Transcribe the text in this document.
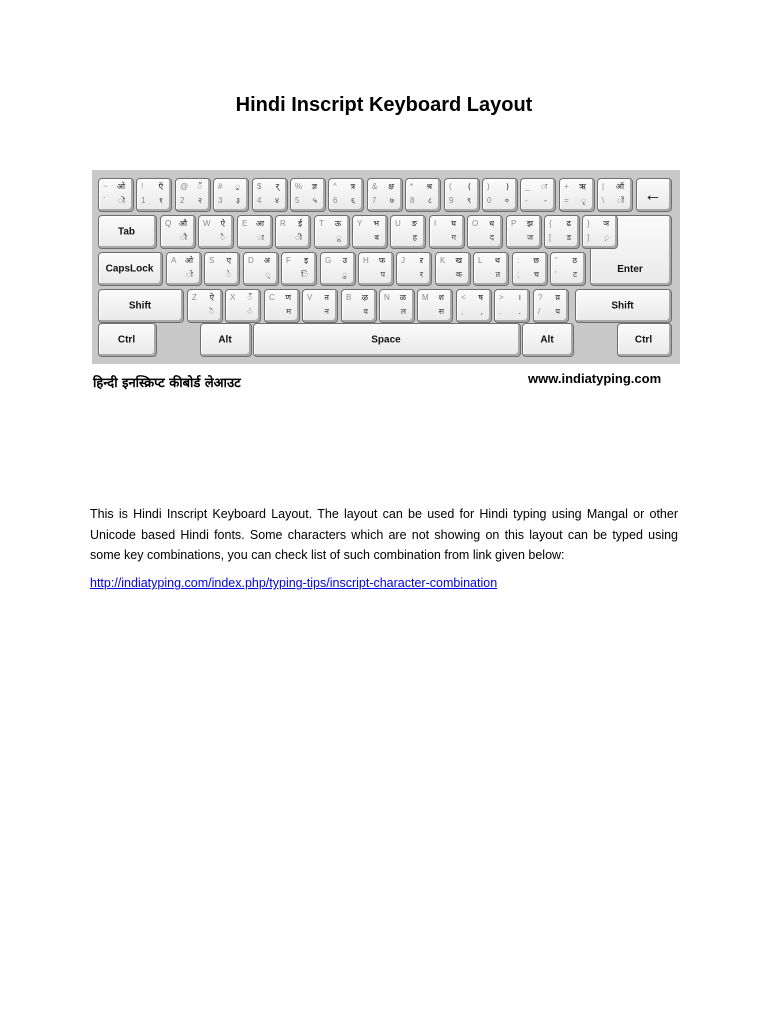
Hindi Inscript Keyboard Layout
←
Tab
CapsLock	Enter
Shift	Shift
Ctrl	Alt	Space	Alt	Ctrl
~
`
ओ
ॊ
!
1
ऍ
१
@
2
ॅ
२
#
3
्र
३
$
4
र्
४
%
5
ज्ञ
५
^
6
त्र
६
&
7
क्ष
७
*
8
श्र
८
(
9
(
९
)
0
)
०
_
-
ः
-
+
=
ऋ
ृ
|
\
ऑ
ॉ
Q औ
ौ
W ऐ
ै
E आ
ा
R ई
ी
T ऊ
ू
Y भ
ब
U ङ
ह
I घ
ग
O ध
द
P झ
ज
{
[
ढ
ड
}
]
ञ
़
A ओ
ो
S ए
े
D अ
्
F इ
ि
G उ
ु
H फ
प
J ऱ
र
K ख
क
L थ
त
:
;
छ
च
"
'
ठ
ट
Z ऎ
ॆ
X ँ
ं
C ण
म
V ऩ
न
B ऴ
व
N ळ
ल
M श
स
<
,
ष
,
>
.
।
.
?
/
य़
य
हिन्दी इनस्क्रिप्ट कीबोर्ड लेआउट	www.indiatyping.com
This is Hindi Inscript Keyboard Layout. The layout can be used for Hindi typing using Mangal or other Unicode based Hindi fonts. Some characters which are not showing on this layout can be typed using some key combinations, you can check list of such combination from link given below:
http://indiatyping.com/index.php/typing-tips/inscript-character-combination
